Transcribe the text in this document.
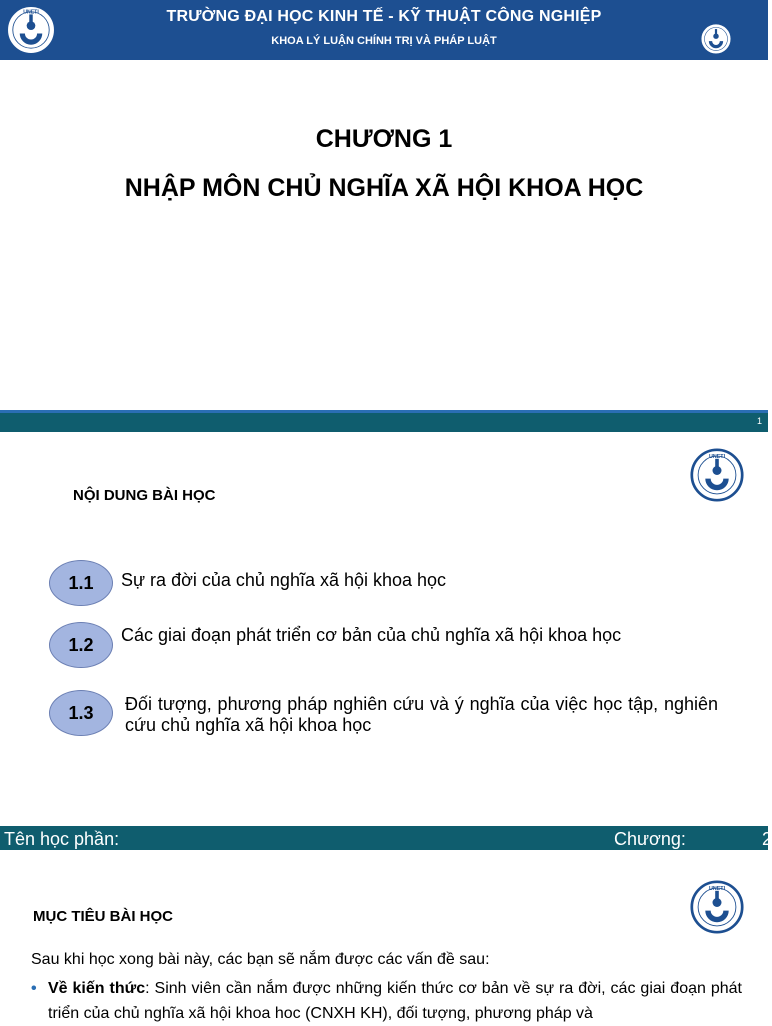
UNETI	TRƯỜNG ĐẠI HỌC KINH TẾ - KỸ THUẬT CÔNG NGHIỆP
KHOA LÝ LUẬN CHÍNH TRỊ VÀ PHÁP LUẬT
CHƯƠNG 1
NHẬP MÔN CHỦ NGHĨA XÃ HỘI KHOA HỌC
1
NỘI DUNG BÀI HỌC
UNETI
1.1	Sự ra đời của chủ nghĩa xã hội khoa học
1.2	Các giai đoạn phát triển cơ bản của chủ nghĩa xã hội khoa học
1.3	Đối tượng, phương pháp nghiên cứu và ý nghĩa của việc học tập, nghiên cứu chủ nghĩa xã hội khoa học
Tên học phần:	Chương:	2
MỤC TIÊU BÀI HỌC
UNETI
Sau khi học xong bài này, các bạn sẽ nắm được các vấn đề sau:
• Về kiến thức: Sinh viên cần nắm được những kiến thức cơ bản về sự ra đời, các giai đoạn phát triển của chủ nghĩa xã hội khoa hoc (CNXH KH), đối tượng, phương pháp và
